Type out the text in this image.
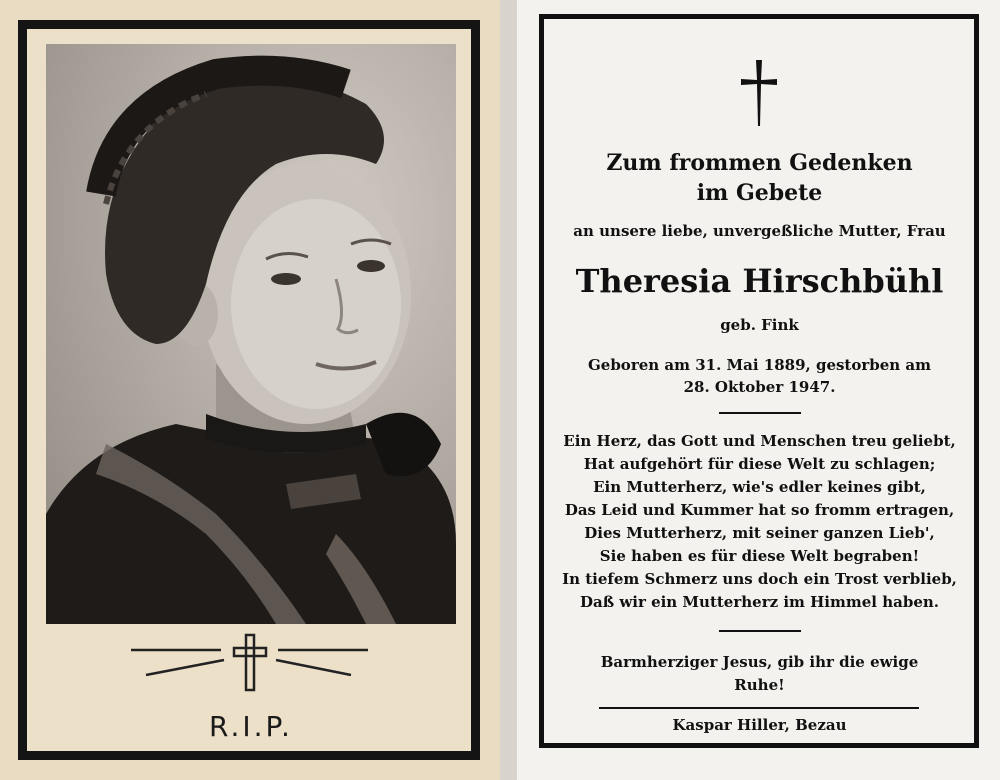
R.I.P.
Zum frommen Gedenken
im Gebete
an unsere liebe, unvergeßliche Mutter, Frau
Theresia Hirschbühl
geb. Fink
Geboren am 31. Mai 1889, gestorben am
28. Oktober 1947.
Ein Herz, das Gott und Menschen treu geliebt,
Hat aufgehört für diese Welt zu schlagen;
Ein Mutterherz, wie's edler keines gibt,
Das Leid und Kummer hat so fromm ertragen,
Dies Mutterherz, mit seiner ganzen Lieb',
Sie haben es für diese Welt begraben!
In tiefem Schmerz uns doch ein Trost verblieb,
Daß wir ein Mutterherz im Himmel haben.
Barmherziger Jesus, gib ihr die ewige
Ruhe!
Kaspar Hiller, Bezau
